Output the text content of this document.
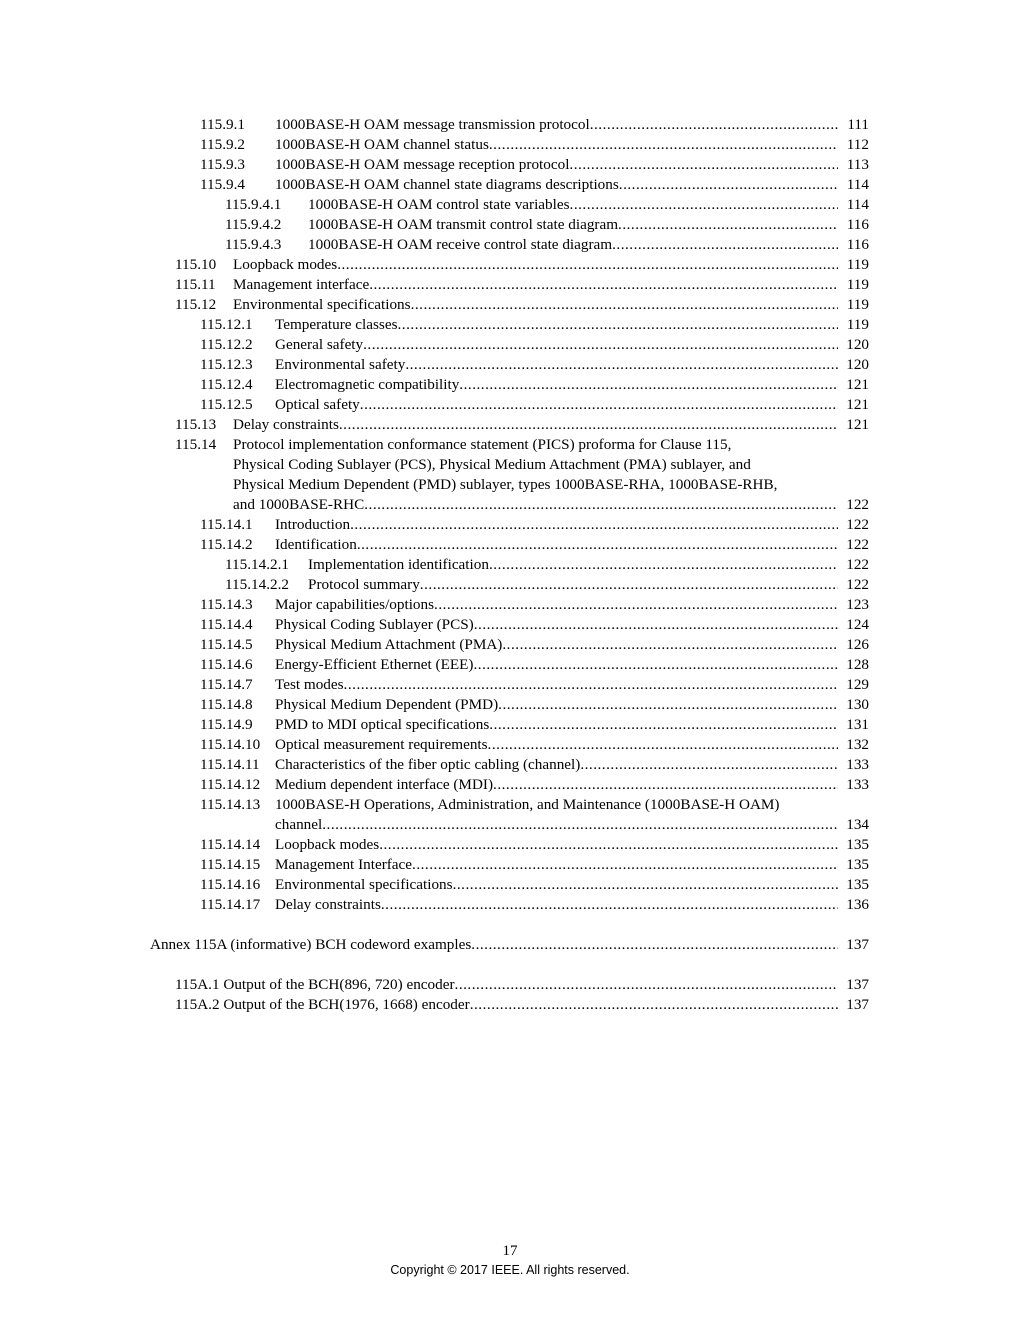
115.9.1 1000BASE-H OAM message transmission protocol .....	111
115.9.2 1000BASE-H OAM channel status .....	112
115.9.3 1000BASE-H OAM message reception protocol .....	113
115.9.4 1000BASE-H OAM channel state diagrams descriptions .....	114
115.9.4.1 1000BASE-H OAM control state variables .....	114
115.9.4.2 1000BASE-H OAM transmit control state diagram .....	116
115.9.4.3 1000BASE-H OAM receive control state diagram .....	116
115.10 Loopback modes .....	119
115.11 Management interface .....	119
115.12 Environmental specifications .....	119
115.12.1 Temperature classes .....	119
115.12.2 General safety .....	120
115.12.3 Environmental safety .....	120
115.12.4 Electromagnetic compatibility .....	121
115.12.5 Optical safety .....	121
115.13 Delay constraints .....	121
115.14 Protocol implementation conformance statement (PICS) proforma for Clause 115,
Physical Coding Sublayer (PCS), Physical Medium Attachment (PMA) sublayer, and
Physical Medium Dependent (PMD) sublayer, types 1000BASE-RHA, 1000BASE-RHB,
and 1000BASE-RHC .....	122
115.14.1 Introduction .....	122
115.14.2 Identification .....	122
115.14.2.1 Implementation identification .....	122
115.14.2.2 Protocol summary .....	122
115.14.3 Major capabilities/options .....	123
115.14.4 Physical Coding Sublayer (PCS) .....	124
115.14.5 Physical Medium Attachment (PMA) .....	126
115.14.6 Energy-Efficient Ethernet (EEE) .....	128
115.14.7 Test modes .....	129
115.14.8 Physical Medium Dependent (PMD) .....	130
115.14.9 PMD to MDI optical specifications .....	131
115.14.10 Optical measurement requirements .....	132
115.14.11 Characteristics of the fiber optic cabling (channel) .....	133
115.14.12 Medium dependent interface (MDI) .....	133
115.14.13 1000BASE-H Operations, Administration, and Maintenance (1000BASE-H OAM)
channel .....	134
115.14.14 Loopback modes .....	135
115.14.15 Management Interface .....	135
115.14.16 Environmental specifications .....	135
115.14.17 Delay constraints .....	136
Annex 115A (informative) BCH codeword examples .....	137
115A.1 Output of the BCH(896, 720) encoder .....	137
115A.2 Output of the BCH(1976, 1668) encoder .....	137
17
Copyright © 2017 IEEE. All rights reserved.
